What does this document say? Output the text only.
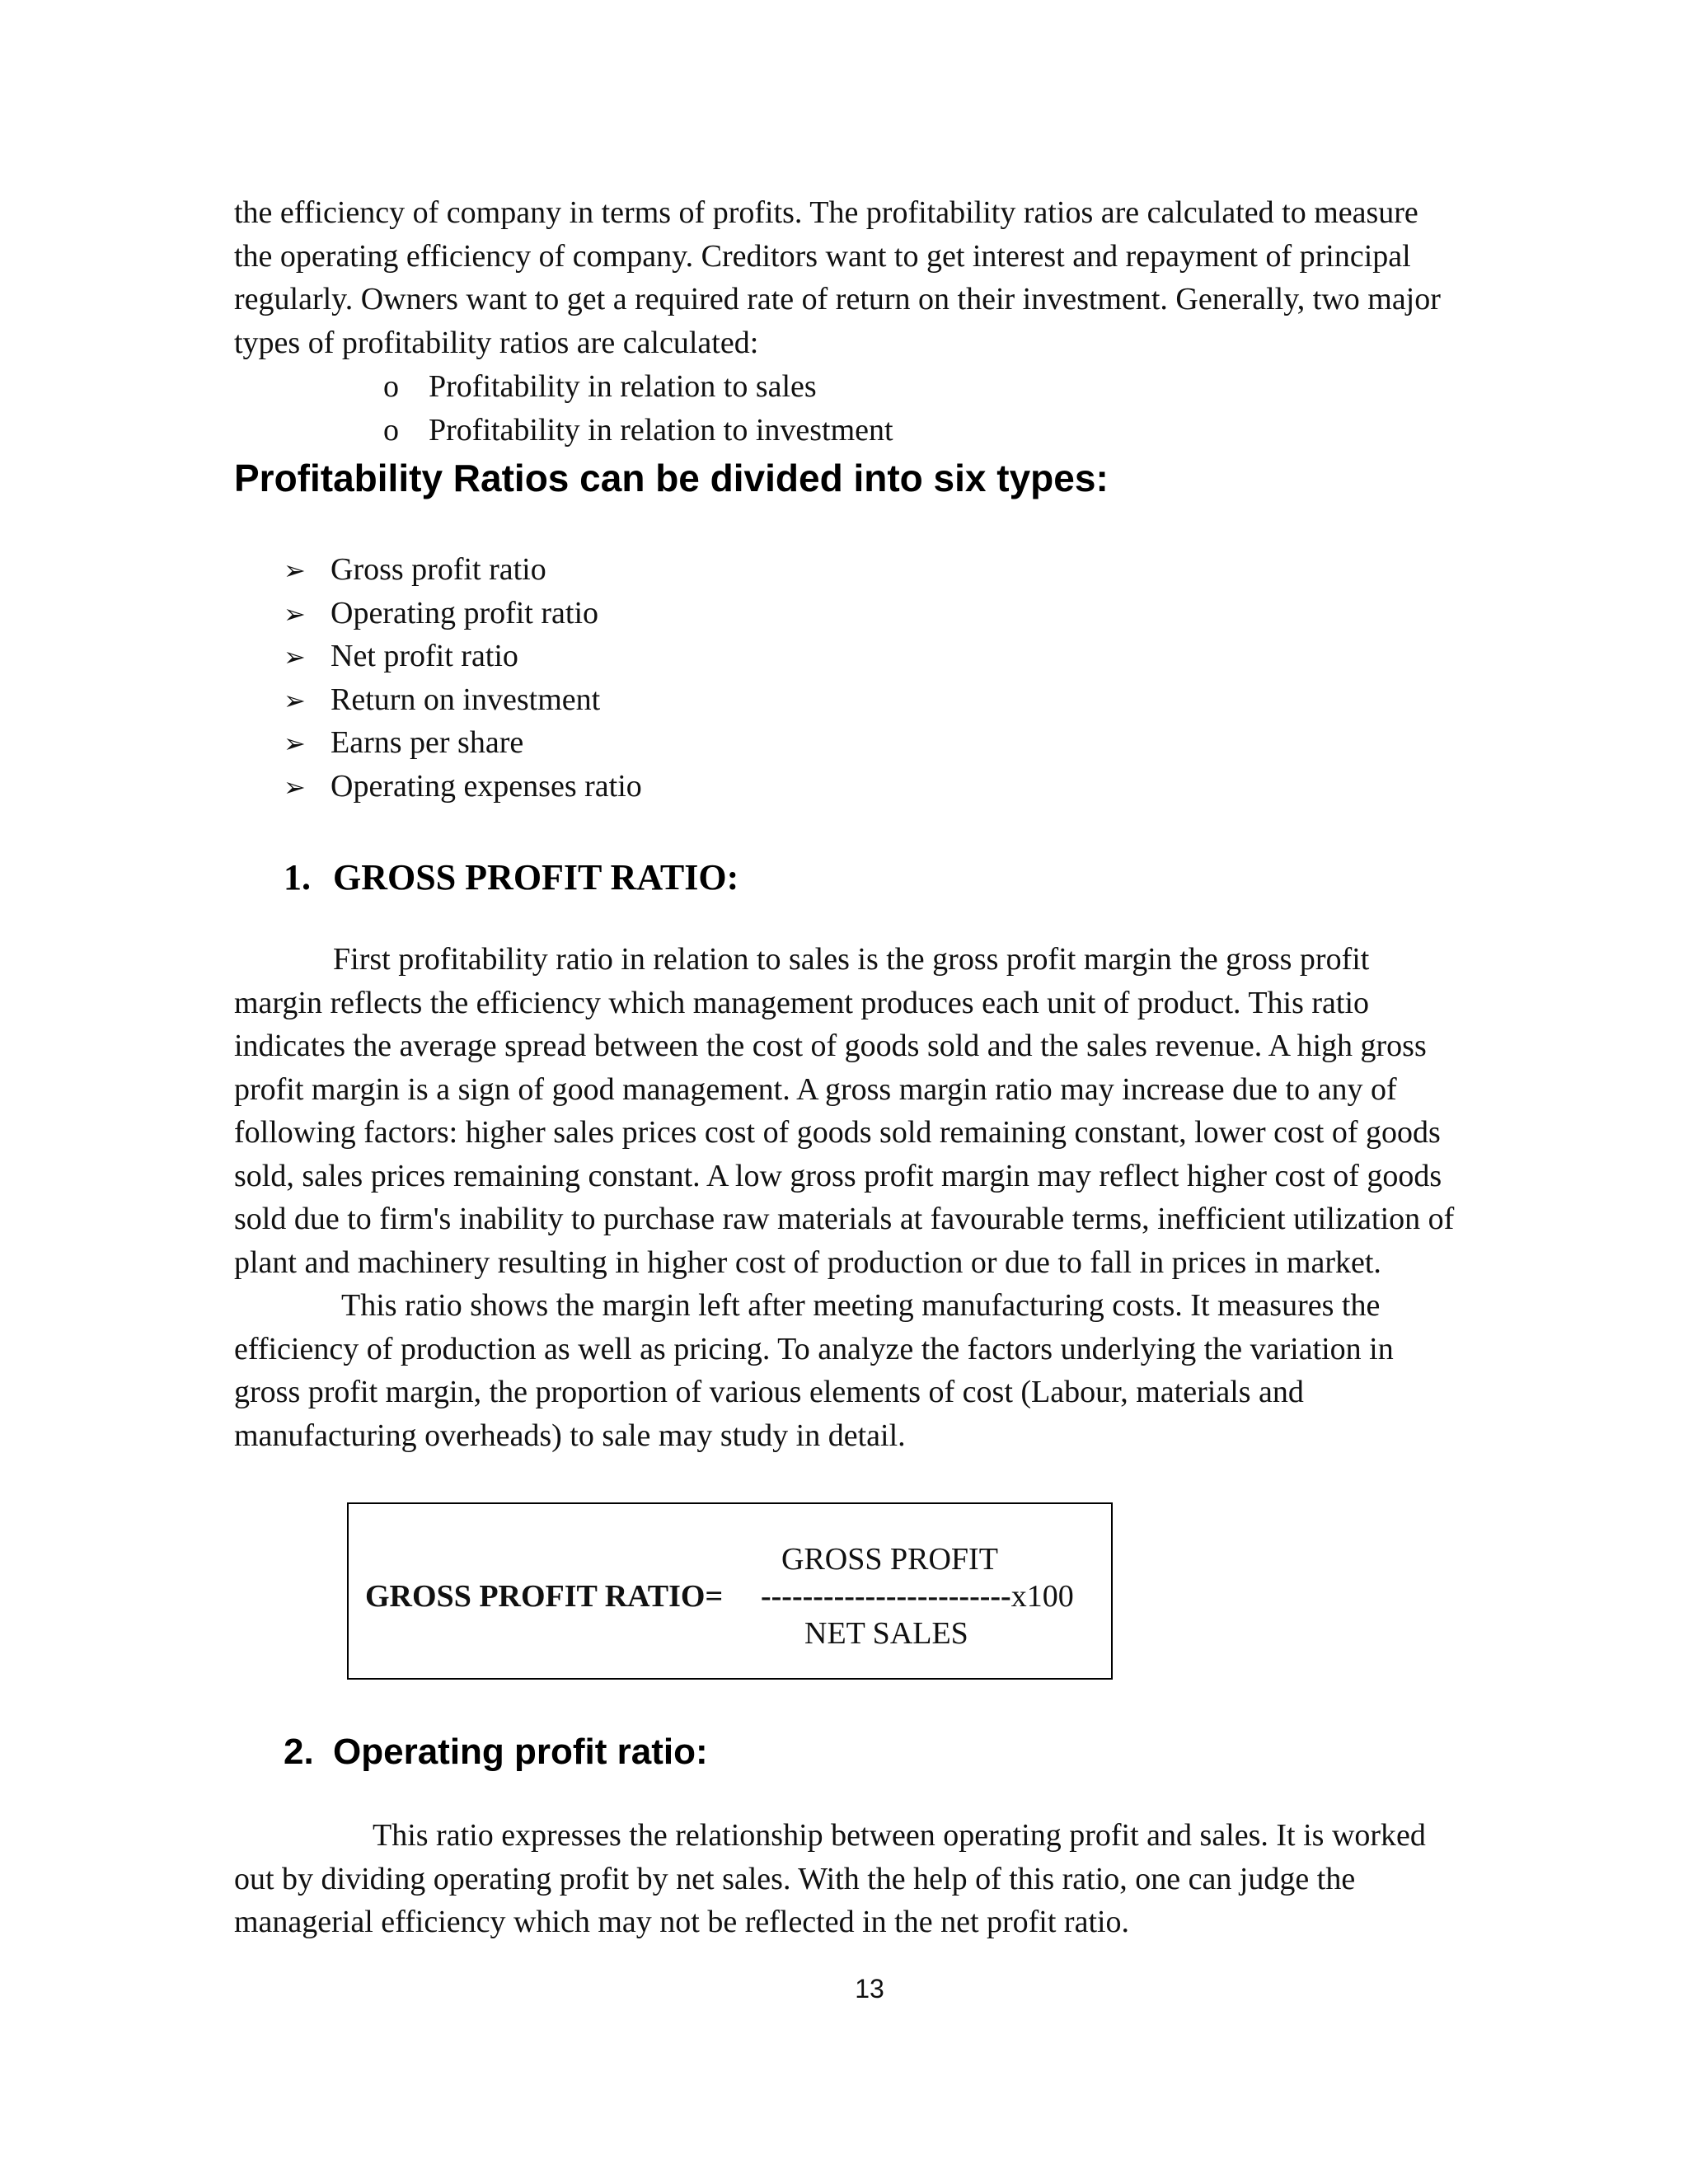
the efficiency of company in terms of profits. The profitability ratios are calculated to measure
the operating efficiency of company. Creditors want to get interest and repayment of principal
regularly. Owners want to get a required rate of return on their investment. Generally, two major
types of profitability ratios are calculated:

o Profitability in relation to sales
o Profitability in relation to investment
Profitability Ratios can be divided into six types:
➢ Gross profit ratio
➢ Operating profit ratio
➢ Net profit ratio
➢ Return on investment
➢ Earns per share
➢ Operating expenses ratio
1. GROSS PROFIT RATIO:

First profitability ratio in relation to sales is the gross profit margin the gross profit
margin reflects the efficiency which management produces each unit of product. This ratio
indicates the average spread between the cost of goods sold and the sales revenue. A high gross
profit margin is a sign of good management. A gross margin ratio may increase due to any of
following factors: higher sales prices cost of goods sold remaining constant, lower cost of goods
sold, sales prices remaining constant. A low gross profit margin may reflect higher cost of goods
sold due to firm's inability to purchase raw materials at favourable terms, inefficient utilization of
plant and machinery resulting in higher cost of production or due to fall in prices in market.

This ratio shows the margin left after meeting manufacturing costs. It measures the
efficiency of production as well as pricing. To analyze the factors underlying the variation in
gross profit margin, the proportion of various elements of cost (Labour, materials and
manufacturing overheads) to sale may study in detail.

GROSS PROFIT
GROSS PROFIT RATIO= ------------------------x100
NET SALES
2. Operating profit ratio:

This ratio expresses the relationship between operating profit and sales. It is worked
out by dividing operating profit by net sales. With the help of this ratio, one can judge the
managerial efficiency which may not be reflected in the net profit ratio.

13
